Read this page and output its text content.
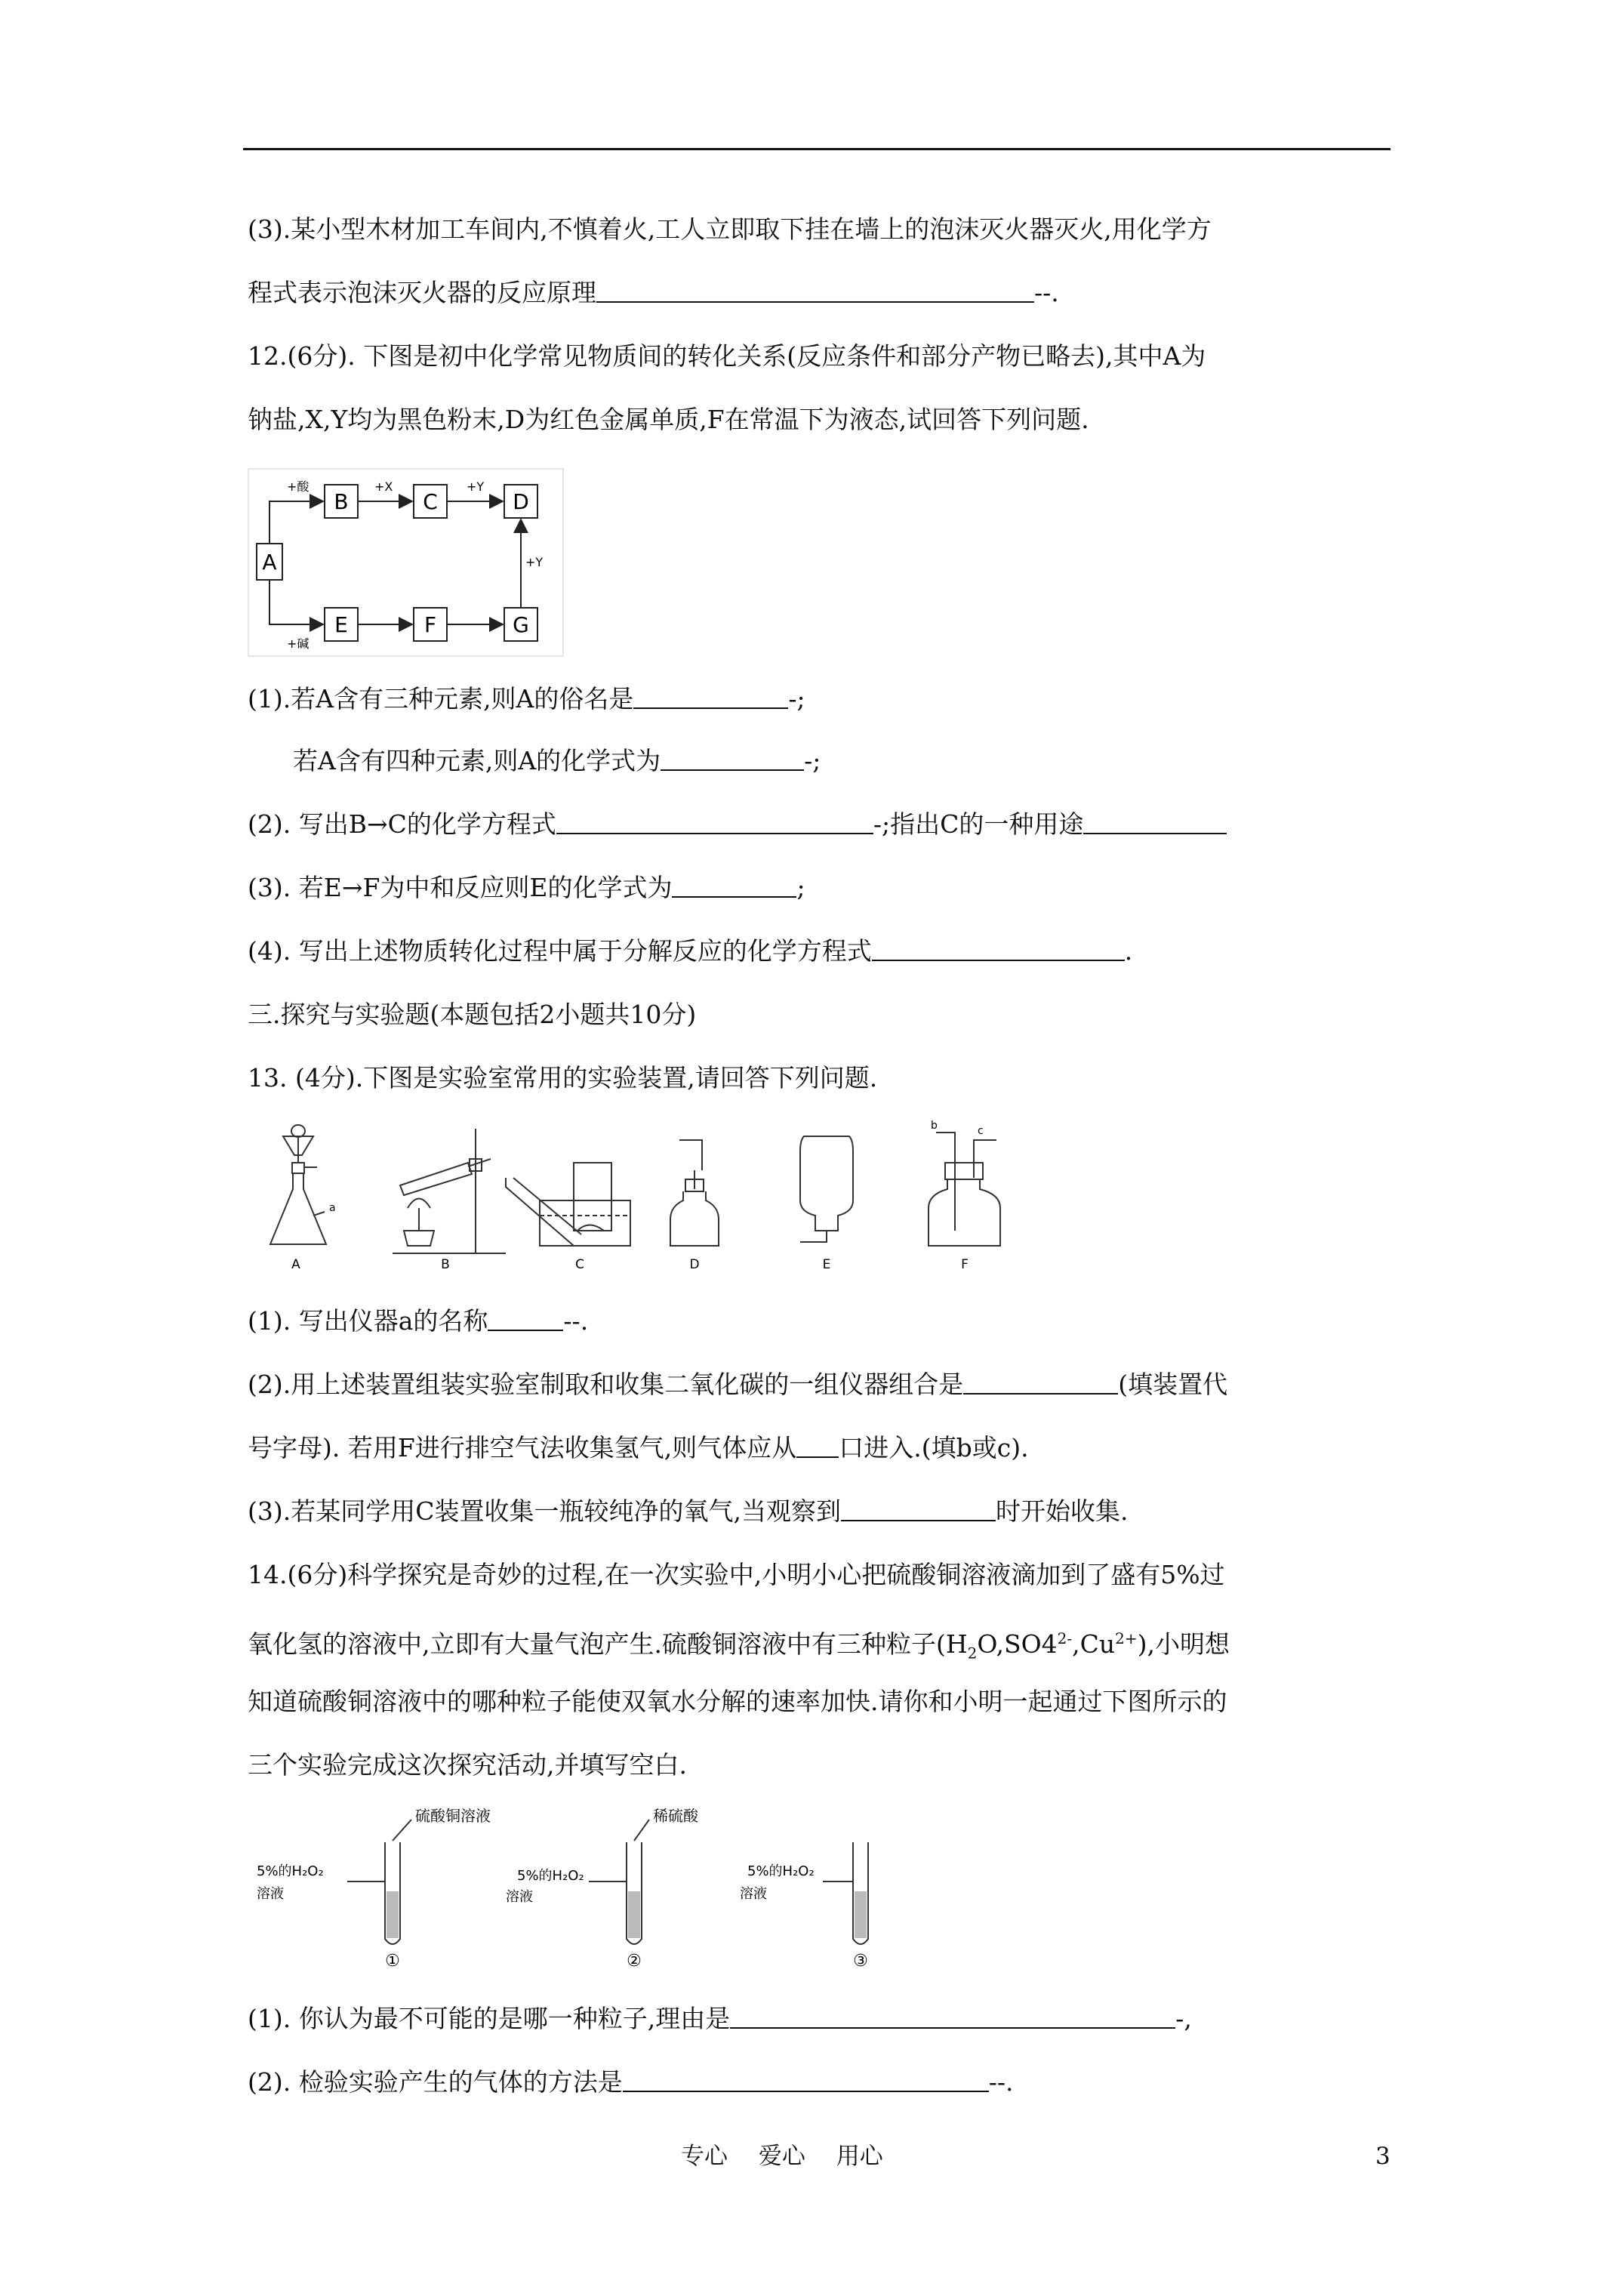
(3).某小型木材加工车间内,不慎着火,工人立即取下挂在墙上的泡沫灭火器灭火,用化学方
程式表示泡沫灭火器的反应原理	--.
12.(6分). 下图是初中化学常见物质间的转化关系(反应条件和部分产物已略去),其中A为
钠盐,X,Y均为黑色粉末,D为红色金属单质,F在常温下为液态,试回答下列问题.
A
B	C	D
E	F	G
+酸
+碱
+X	+Y
+Y
(1).若A含有三种元素,则A的俗名是	-;
若A含有四种元素,则A的化学式为	-;
(2). 写出B→C的化学方程式	-;指出C的一种用途
(3). 若E→F为中和反应则E的化学式为	;
(4). 写出上述物质转化过程中属于分解反应的化学方程式	.
三.探究与实验题(本题包括2小题共10分)
13. (4分).下图是实验室常用的实验装置,请回答下列问题.
A	B	C	D	E	F
a
b	c
(1). 写出仪器a的名称	--.
(2).用上述装置组装实验室制取和收集二氧化碳的一组仪器组合是	(填装置代
号字母). 若用F进行排空气法收集氢气,则气体应从 口进入.(填b或c).
(3).若某同学用C装置收集一瓶较纯净的氧气,当观察到	时开始收集.
14.(6分)科学探究是奇妙的过程,在一次实验中,小明小心把硫酸铜溶液滴加到了盛有5%过
氧化氢的溶液中,立即有大量气泡产生.硫酸铜溶液中有三种粒子$(H_2O,SO4^{2-},Cu^{2+})$,小明想
知道硫酸铜溶液中的哪种粒子能使双氧水分解的速率加快.请你和小明一起通过下图所示的
三个实验完成这次探究活动,并填写空白.
硫酸铜溶液	稀硫酸
5%的H₂O₂
溶液
5%的H₂O₂
溶液
5%的H₂O₂
溶液
①	②	③
(1). 你认为最不可能的是哪一种粒子,理由是	-,
(2). 检验实验产生的气体的方法是	--.
专心　 爱心　 用心	3
